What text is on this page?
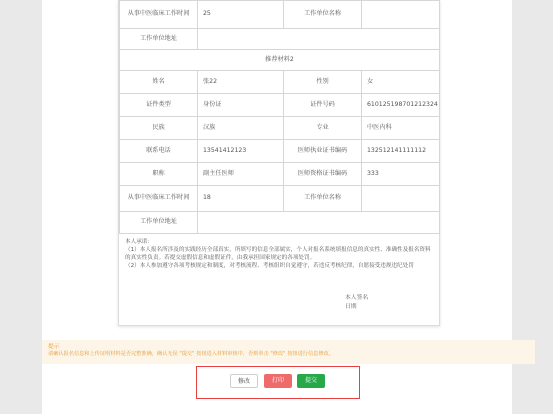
从事中医临床工作时间	25	工作单位名称	
工作单位地址			
推荐材料2			
姓名	张22	性别	女
证件类型	身份证	证件号码	610125198701212324
民族	汉族	专业	中医内科
联系电话	13541412123	医师执业证书编码	132512141111112
职称	副主任医师	医师资格证书编码	333
从事中医临床工作时间	18	工作单位名称	
工作单位地址			

本人承诺：

（1）本人报名所涉及的实践经历全部真实，所填写的信息全部属实，个人对报名系统填报信息的真实性、准确性及报名资料的真实性负责。若提交虚假信息和虚假证件，由我承担国家规定的各项处罚。

（2）本人参加遵守各项考核规定和制度，对考核流程、考核组织自觉遵守，若违反考核纪律，自愿接受违规违纪处罚

本人签名
日期
提示
请确认报名信息和上传证明材料是否完整准确，确认无误 "提交" 按钮进入材料审核中，否则单击 "修改" 按钮进行信息修改。
修改	打印	提交
